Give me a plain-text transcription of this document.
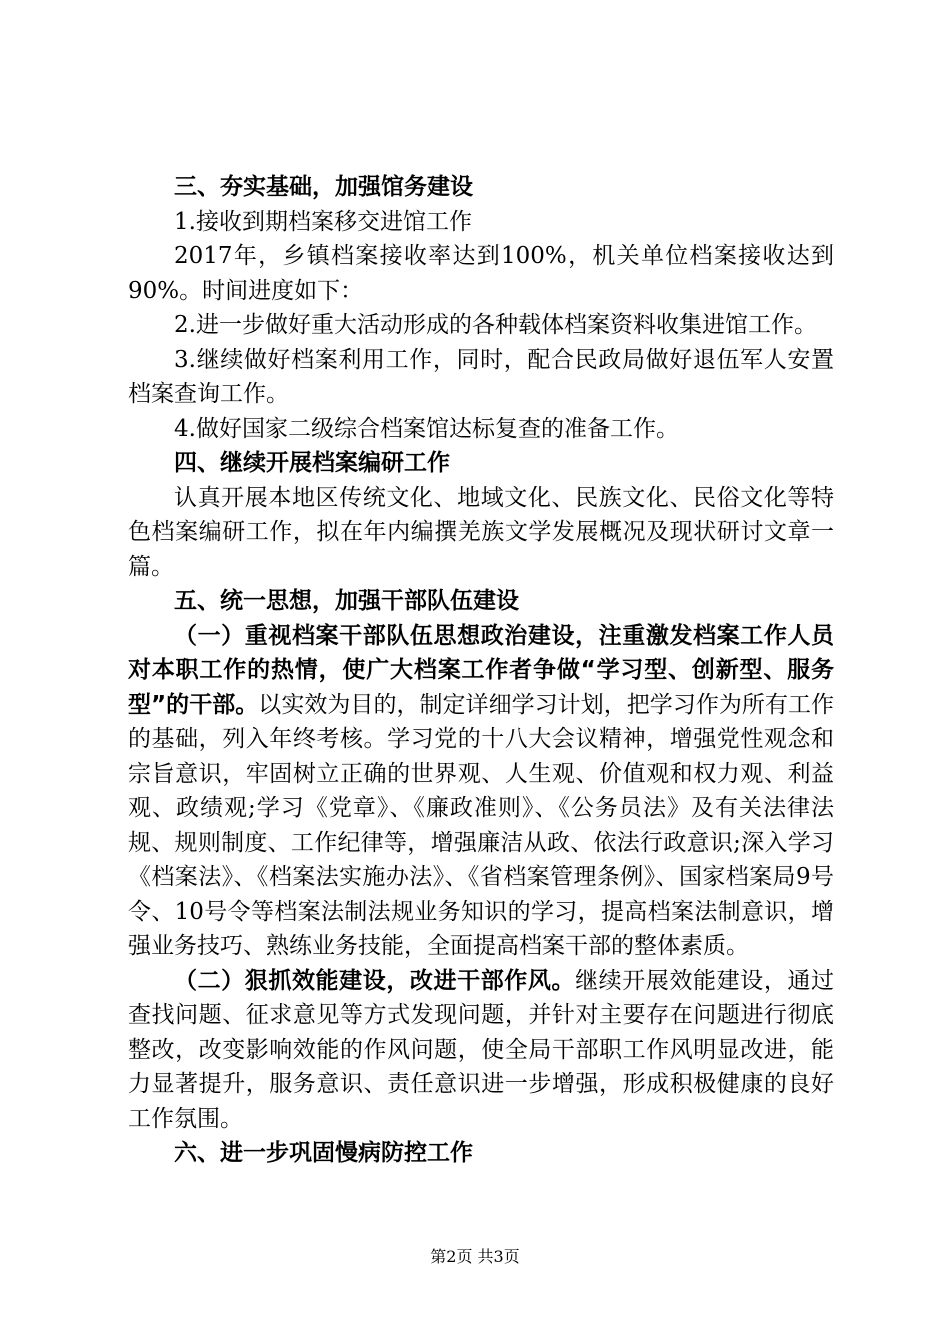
三、夯实基础，加强馆务建设

1.接收到期档案移交进馆工作

2017年，乡镇档案接收率达到100%，机关单位档案接收达到90%。时间进度如下：

2.进一步做好重大活动形成的各种载体档案资料收集进馆工作。

3.继续做好档案利用工作，同时，配合民政局做好退伍军人安置档案查询工作。

4.做好国家二级综合档案馆达标复查的准备工作。

四、继续开展档案编研工作

认真开展本地区传统文化、地域文化、民族文化、民俗文化等特色档案编研工作，拟在年内编撰羌族文学发展概况及现状研讨文章一篇。

五、统一思想，加强干部队伍建设

（一）重视档案干部队伍思想政治建设，注重激发档案工作人员对本职工作的热情，使广大档案工作者争做“学习型、创新型、服务型”的干部。以实效为目的，制定详细学习计划，把学习作为所有工作的基础，列入年终考核。学习党的十八大会议精神，增强党性观念和宗旨意识，牢固树立正确的世界观、人生观、价值观和权力观、利益观、政绩观;学习《党章》、《廉政准则》、《公务员法》及有关法律法规、规则制度、工作纪律等，增强廉洁从政、依法行政意识;深入学习《档案法》、《档案法实施办法》、《省档案管理条例》、国家档案局9号令、10号令等档案法制法规业务知识的学习，提高档案法制意识，增强业务技巧、熟练业务技能，全面提高档案干部的整体素质。

（二）狠抓效能建设，改进干部作风。继续开展效能建设，通过查找问题、征求意见等方式发现问题，并针对主要存在问题进行彻底整改，改变影响效能的作风问题，使全局干部职工作风明显改进，能力显著提升，服务意识、责任意识进一步增强，形成积极健康的良好工作氛围。

六、进一步巩固慢病防控工作

第2页 共3页
